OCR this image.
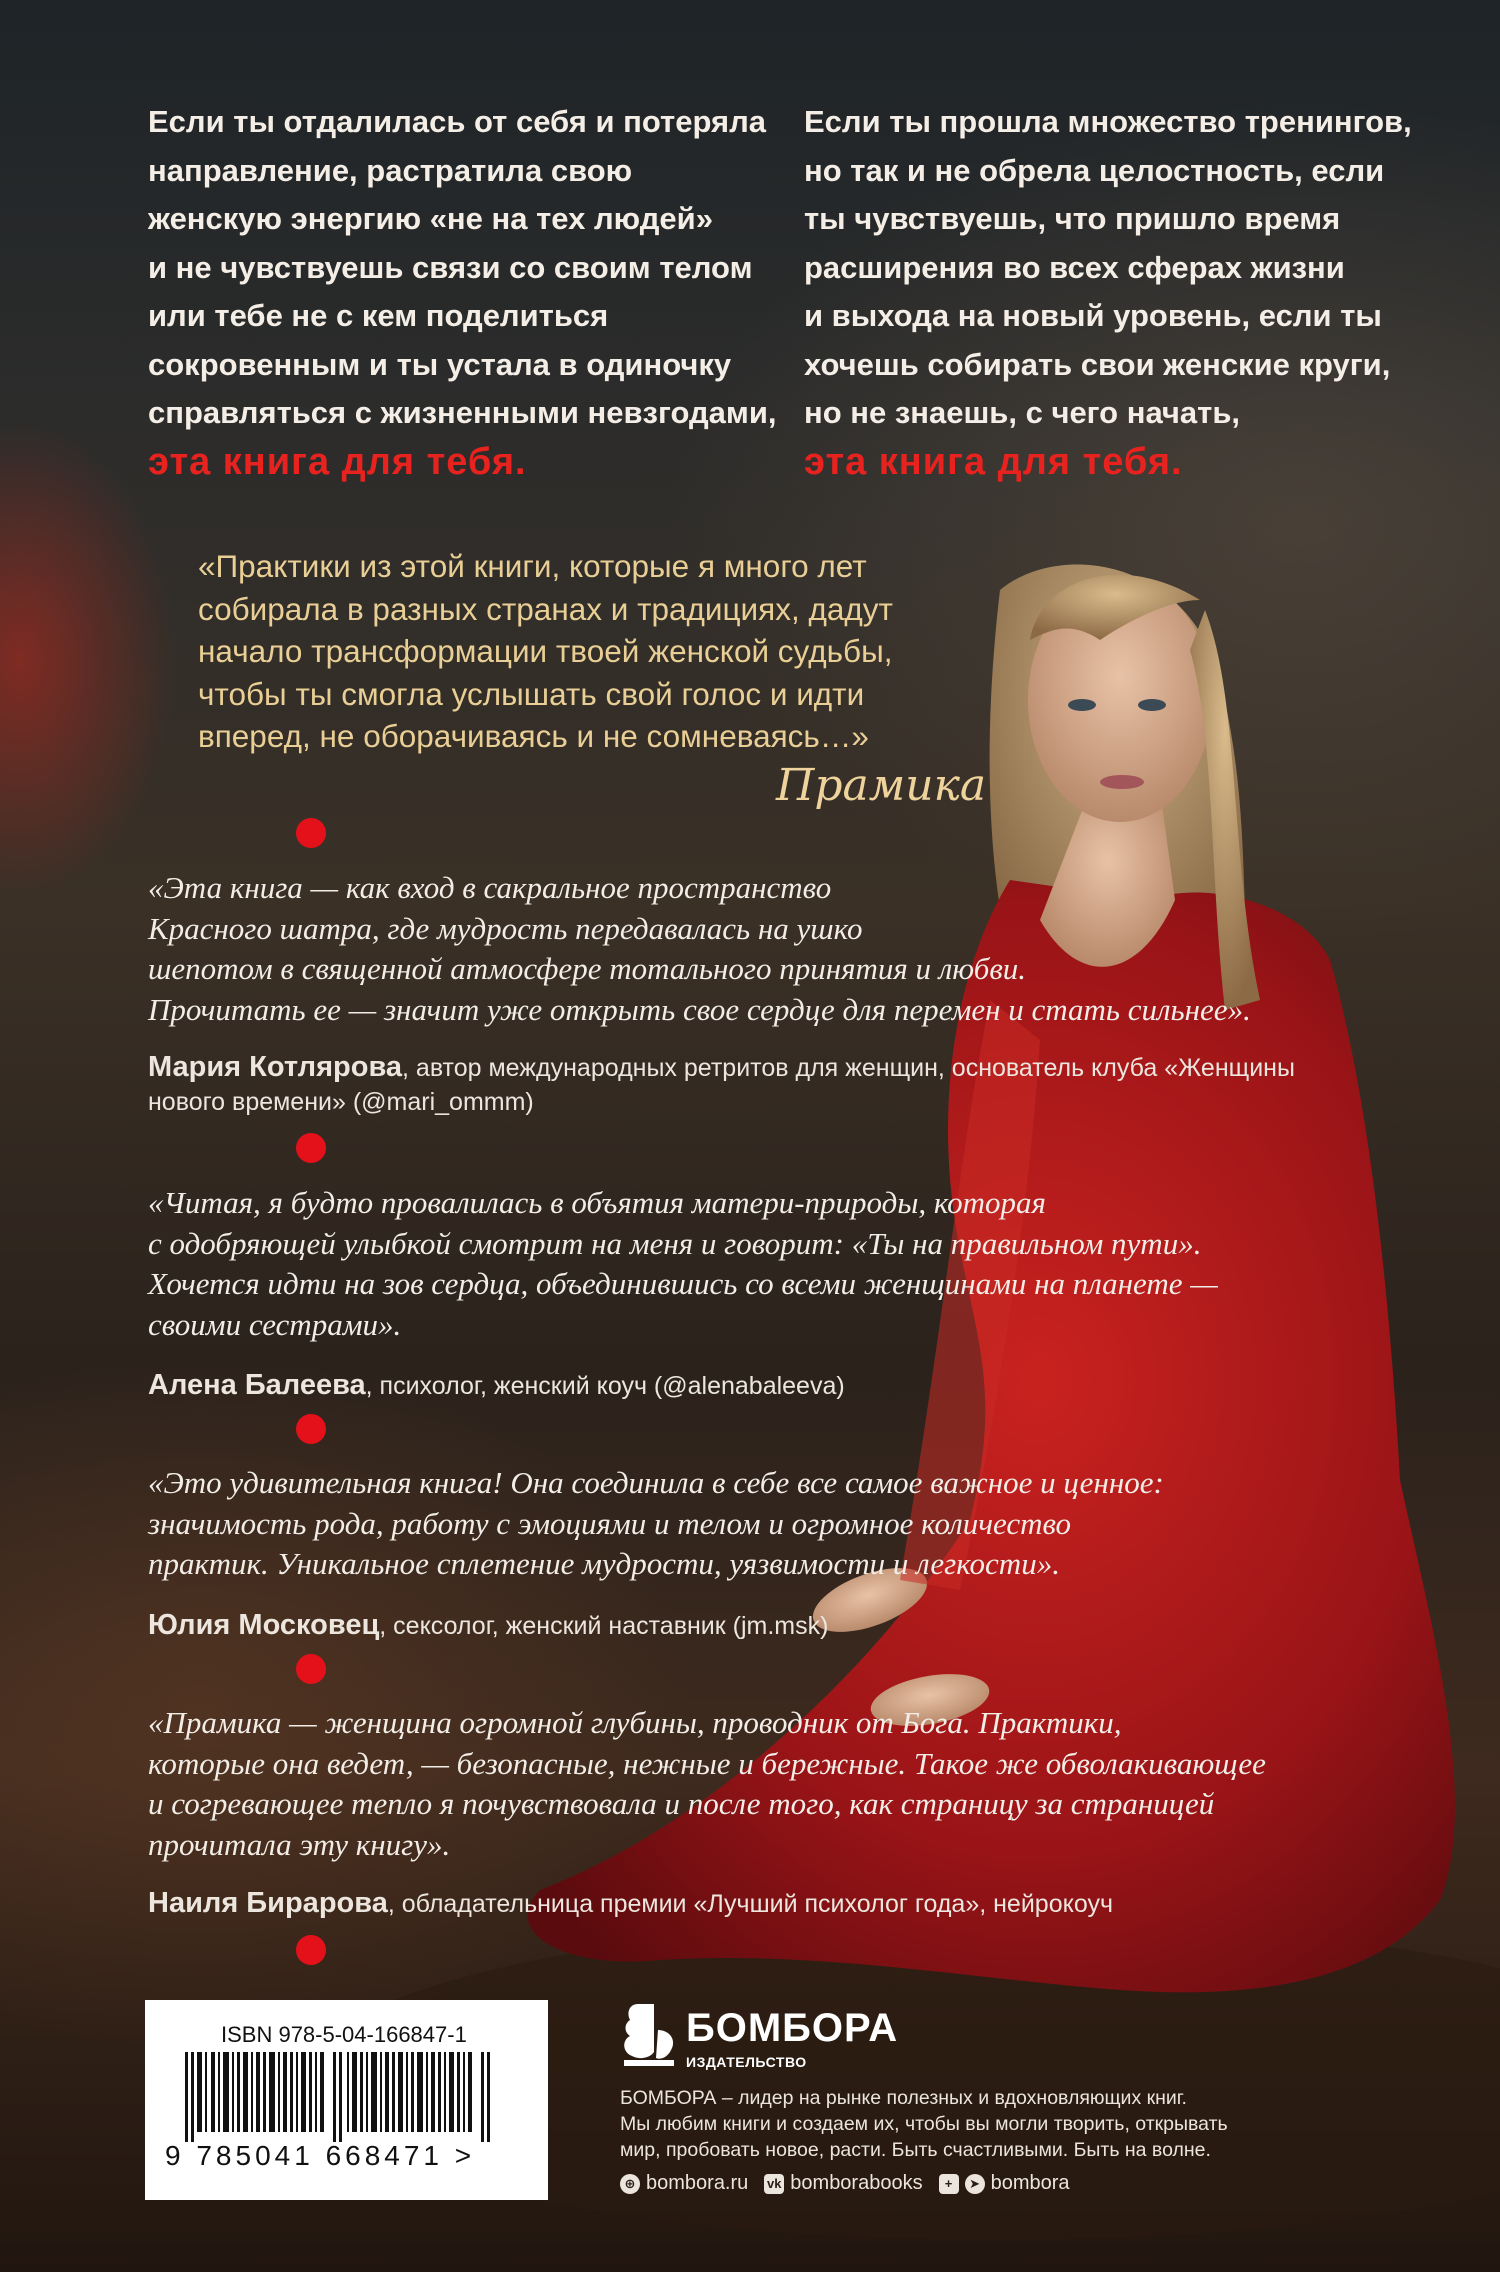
Если ты отдалилась от себя и потеряла
направление, растратила свою
женскую энергию «не на тех людей»
и не чувствуешь связи со своим телом
или тебе не с кем поделиться
сокровенным и ты устала в одиночку
справляться с жизненными невзгодами,

эта книга для тебя.

Если ты прошла множество тренингов,
но так и не обрела целостность, если
ты чувствуешь, что пришло время
расширения во всех сферах жизни
и выхода на новый уровень, если ты
хочешь собирать свои женские круги,
но не знаешь, с чего начать,

эта книга для тебя.

«Практики из этой книги, которые я много лет
собирала в разных странах и традициях, дадут
начало трансформации твоей женской судьбы,
чтобы ты смогла услышать свой голос и идти
вперед, не оборачиваясь и не сомневаясь…»
Прамика
«Эта книга — как вход в сакральное пространство
Красного шатра, где мудрость передавалась на ушко
шепотом в священной атмосфере тотального принятия и любви.
Прочитать ее — значит уже открыть свое сердце для перемен и стать сильнее».
Мария Котлярова, автор международных ретритов для женщин, основатель клуба «Женщины
нового времени» (@mari_ommm)
«Читая, я будто провалилась в объятия матери-природы, которая
с одобряющей улыбкой смотрит на меня и говорит: «Ты на правильном пути».
Хочется идти на зов сердца, объединившись со всеми женщинами на планете —
своими сестрами».
Алена Балеева, психолог, женский коуч (@alenabaleeva)
«Это удивительная книга! Она соединила в себе все самое важное и ценное:
значимость рода, работу с эмоциями и телом и огромное количество
практик. Уникальное сплетение мудрости, уязвимости и легкости».
Юлия Московец, сексолог, женский наставник (jm.msk)
«Прамика — женщина огромной глубины, проводник от Бога. Практики,
которые она ведет, — безопасные, нежные и бережные. Такое же обволакивающее
и согревающее тепло я почувствовала и после того, как страницу за страницей
прочитала эту книгу».
Наиля Бирарова, обладательница премии «Лучший психолог года», нейрокоуч
ISBN 978-5-04-166847-1
9 785041 668471 >
БОМБОРА
ИЗДАТЕЛЬСТВО
БОМБОРА – лидер на рынке полезных и вдохновляющих книг.
Мы любим книги и создаем их, чтобы вы могли творить, открывать
мир, пробовать новое, расти. Быть счастливыми. Быть на волне.
⊕ bombora.ru vk bomborabooks	+	➤ bombora
